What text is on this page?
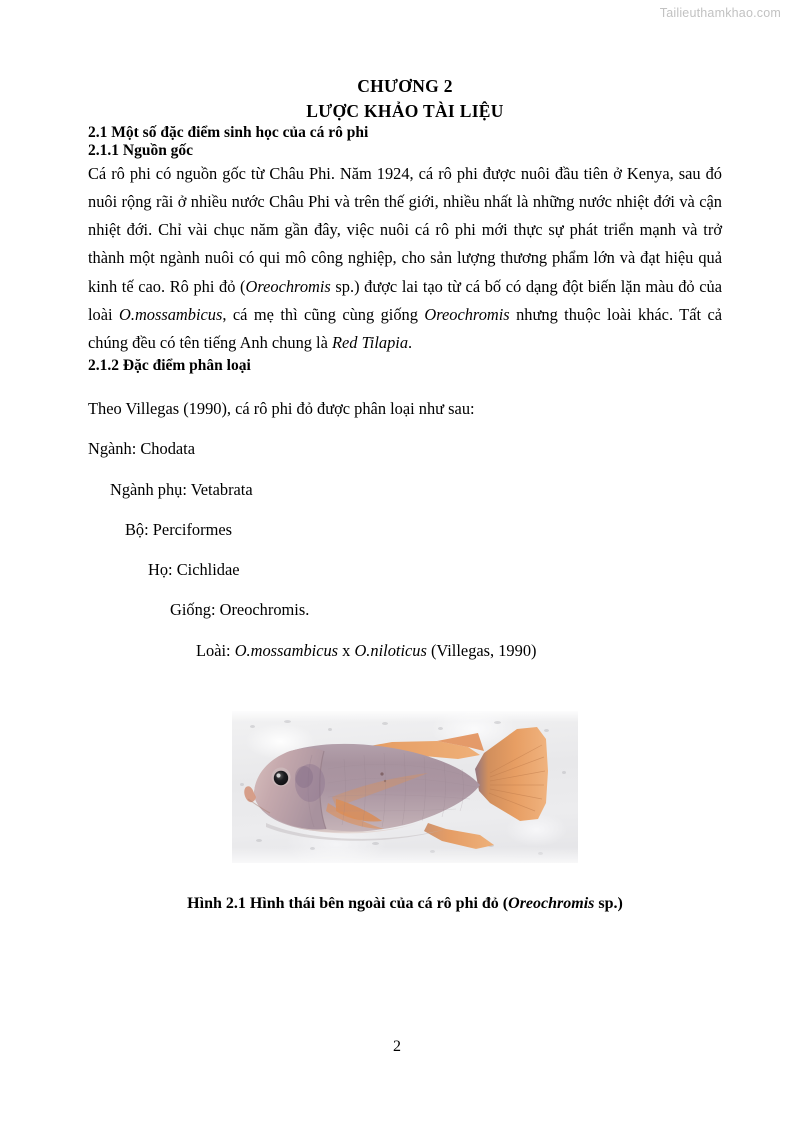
Tailieuthamkhao.com
CHƯƠNG 2
LƯỢC KHẢO TÀI LIỆU
2.1 Một số đặc điểm sinh học của cá rô phi
2.1.1 Nguồn gốc

Cá rô phi có nguồn gốc từ Châu Phi. Năm 1924, cá rô phi được nuôi đầu tiên ở Kenya, sau đó nuôi rộng rãi ở nhiều nước Châu Phi và trên thế giới, nhiều nhất là những nước nhiệt đới và cận nhiệt đới. Chỉ vài chục năm gần đây, việc nuôi cá rô phi mới thực sự phát triển mạnh và trở thành một ngành nuôi có qui mô công nghiệp, cho sản lượng thương phẩm lớn và đạt hiệu quả kinh tế cao. Rô phi đỏ (Oreochromis sp.) được lai tạo từ cá bố có dạng đột biến lặn màu đỏ của loài O.mossambicus, cá mẹ thì cũng cùng giống Oreochromis nhưng thuộc loài khác. Tất cả chúng đều có tên tiếng Anh chung là Red Tilapia.

2.1.2 Đặc điểm phân loại

Theo Villegas (1990), cá rô phi đỏ được phân loại như sau:

Ngành: Chodata
Ngành phụ: Vetabrata
Bộ: Perciformes
Họ: Cichlidae
Giống: Oreochromis.
Loài: O.mossambicus x O.niloticus (Villegas, 1990)
Hình 2.1 Hình thái bên ngoài của cá rô phi đỏ (Oreochromis sp.)
2
